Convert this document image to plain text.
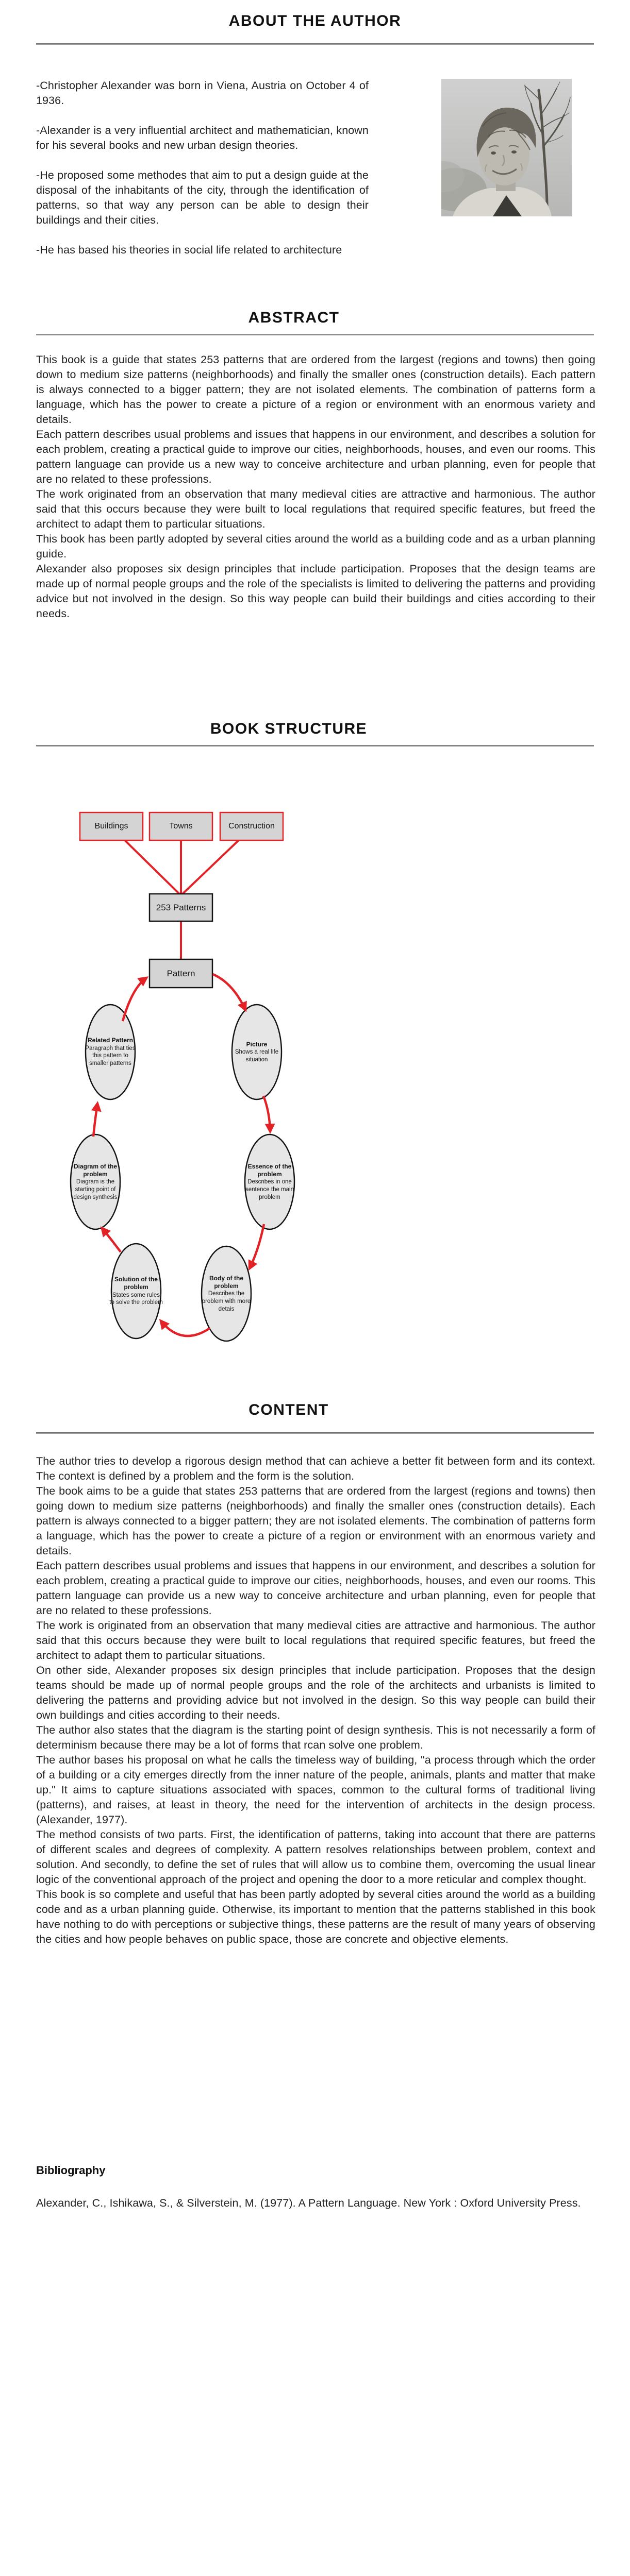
ABOUT THE AUTHOR

-Christopher Alexander was born in Viena, Austria on October 4 of 1936.

-Alexander is a very influential architect and mathematician, known for his several books and new urban design theories.

-He proposed some methodes that aim to put a design guide at the disposal of the inhabitants of the city, through the identification of patterns, so that way any person can be able to design their buildings and their cities.

-He has based his theories in social life related to architecture

ABSTRACT

This book is a guide that states 253 patterns that are ordered from the largest (regions and towns) then going down to medium size patterns (neighborhoods) and finally the smaller ones (construction details). Each pattern is always connected to a bigger pattern; they are not isolated elements. The combination of patterns form a language, which has the power to create a picture of a region or environment with an enormous variety and details.

Each pattern describes usual problems and issues that happens in our environment, and describes a solution for each problem, creating a practical guide to improve our cities, neighborhoods, houses, and even our rooms. This pattern language can provide us a new way to conceive architecture and urban planning, even for people that are no related to these professions.

The work originated from an observation that many medieval cities are attractive and harmonious. The author said that this occurs because they were built to local regulations that required specific features, but freed the architect to adapt them to particular situations.

This book has been partly adopted by several cities around the world as a building code and as a urban planning guide.

Alexander also proposes six design principles that include participation. Proposes that the design teams are made up of normal people groups and the role of the specialists is limited to delivering the patterns and providing advice but not involved in the design. So this way people can build their buildings and cities according to their needs.

BOOK STRUCTURE
Buildings	Towns	Construction
253 Patterns
Pattern
Related Pattern
Paragraph that ties this pattern to smaller patterns
Picture
Shows a real life situation
Diagram of the problem
Diagram is the starting point of design synthesis
Essence of the problem
Describes in one sentence the main problem
Solution of the problem
States some rules to solve the problem
Body of the problem
Describes the problem with more detais
CONTENT

The author tries to develop a rigorous design method that can achieve a better fit between form and its context. The context is defined by a problem and the form is the solution.

The book aims to be a guide that states 253 patterns that are ordered from the largest (regions and towns) then going down to medium size patterns (neighborhoods) and finally the smaller ones (construction details). Each pattern is always connected to a bigger pattern; they are not isolated elements. The combination of patterns form a language, which has the power to create a picture of a region or environment with an enormous variety and details.

Each pattern describes usual problems and issues that happens in our environment, and describes a solution for each problem, creating a practical guide to improve our cities, neighborhoods, houses, and even our rooms. This pattern language can provide us a new way to conceive architecture and urban planning, even for people that are no related to these professions.

The work is originated from an observation that many medieval cities are attractive and harmonious. The author said that this occurs because they were built to local regulations that required specific features, but freed the architect to adapt them to particular situations.

On other side, Alexander proposes six design principles that include participation. Proposes that the design teams should be made up of normal people groups and the role of the architects and urbanists is limited to delivering the patterns and providing advice but not involved in the design. So this way people can build their own buildings and cities according to their needs.

The author also states that the diagram is the starting point of design synthesis. This is not necessarily a form of determinism because there may be a lot of forms that rcan solve one problem.

The author bases his proposal on what he calls the timeless way of building, "a process through which the order of a building or a city emerges directly from the inner nature of the people, animals, plants and matter that make up." It aims to capture situations associated with spaces, common to the cultural forms of traditional living (patterns), and raises, at least in theory, the need for the intervention of architects in the design process. (Alexander, 1977).

The method consists of two parts. First, the identification of patterns, taking into account that there are patterns of different scales and degrees of complexity. A pattern resolves relationships between problem, context and solution. And secondly, to define the set of rules that will allow us to combine them, overcoming the usual linear logic of the conventional approach of the project and opening the door to a more reticular and complex thought.

This book is so complete and useful that has been partly adopted by several cities around the world as a building code and as a urban planning guide. Otherwise, its important to mention that the patterns stablished in this book have nothing to do with perceptions or subjective things, these patterns are the result of many years of observing the cities and how people behaves on public space, those are concrete and objective elements.

Bibliography

Alexander, C., Ishikawa, S., & Silverstein, M. (1977). A Pattern Language. New York : Oxford University Press.
